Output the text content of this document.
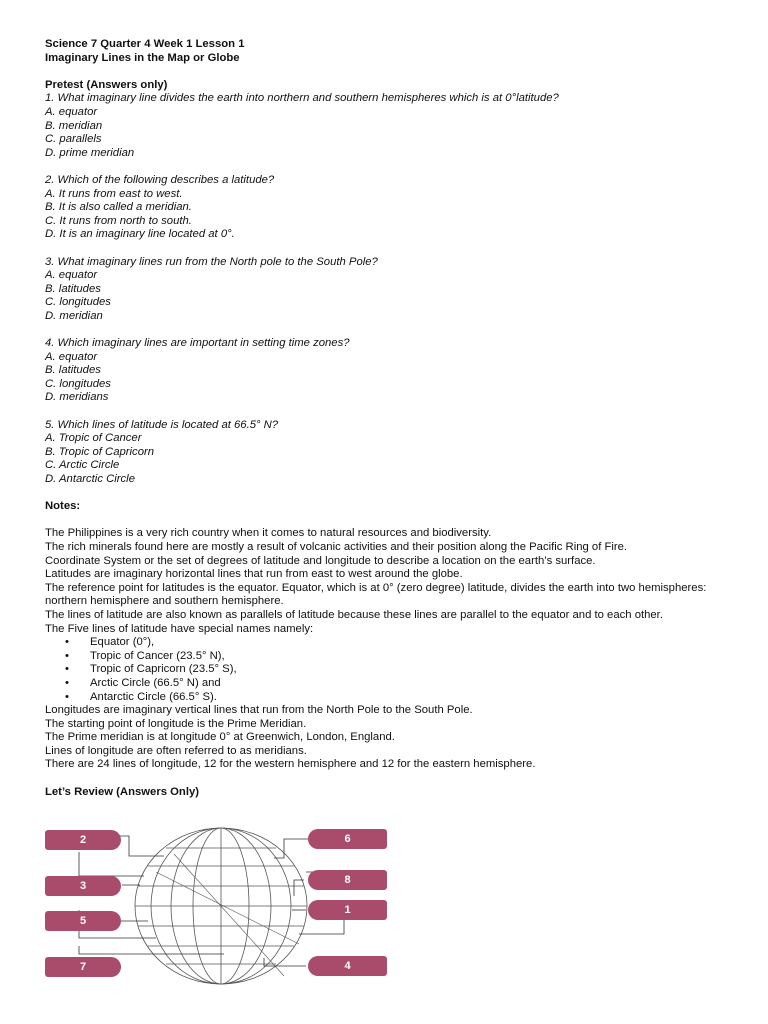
Science 7 Quarter 4 Week 1 Lesson 1
Imaginary Lines in the Map or Globe
Pretest (Answers only)
1. What imaginary line divides the earth into northern and southern hemispheres which is at 0°latitude?
A. equator
B. meridian
C. parallels
D. prime meridian
2. Which of the following describes a latitude?
A. It runs from east to west.
B. It is also called a meridian.
C. It runs from north to south.
D. It is an imaginary line located at 0°.
3. What imaginary lines run from the North pole to the South Pole?
A. equator
B. latitudes
C. longitudes
D. meridian
4. Which imaginary lines are important in setting time zones?
A. equator
B. latitudes
C. longitudes
D. meridians
5. Which lines of latitude is located at 66.5° N?
A. Tropic of Cancer
B. Tropic of Capricorn
C. Arctic Circle
D. Antarctic Circle
Notes:
The Philippines is a very rich country when it comes to natural resources and biodiversity.
The rich minerals found here are mostly a result of volcanic activities and their position along the Pacific Ring of Fire.
Coordinate System or the set of degrees of latitude and longitude to describe a location on the earth’s surface.
Latitudes are imaginary horizontal lines that run from east to west around the globe.
The reference point for latitudes is the equator. Equator, which is at 0° (zero degree) latitude, divides the earth into two hemispheres: northern hemisphere and southern hemisphere.
The lines of latitude are also known as parallels of latitude because these lines are parallel to the equator and to each other.
The Five lines of latitude have special names namely:
• Equator (0°),
• Tropic of Cancer (23.5° N),
• Tropic of Capricorn (23.5° S),
• Arctic Circle (66.5° N) and
• Antarctic Circle (66.5° S).
Longitudes are imaginary vertical lines that run from the North Pole to the South Pole.
The starting point of longitude is the Prime Meridian.
The Prime meridian is at longitude 0° at Greenwich, London, England.
Lines of longitude are often referred to as meridians.
There are 24 lines of longitude, 12 for the western hemisphere and 12 for the eastern hemisphere.
Let’s Review (Answers Only)
2
3
5
7
6
8
1
4
